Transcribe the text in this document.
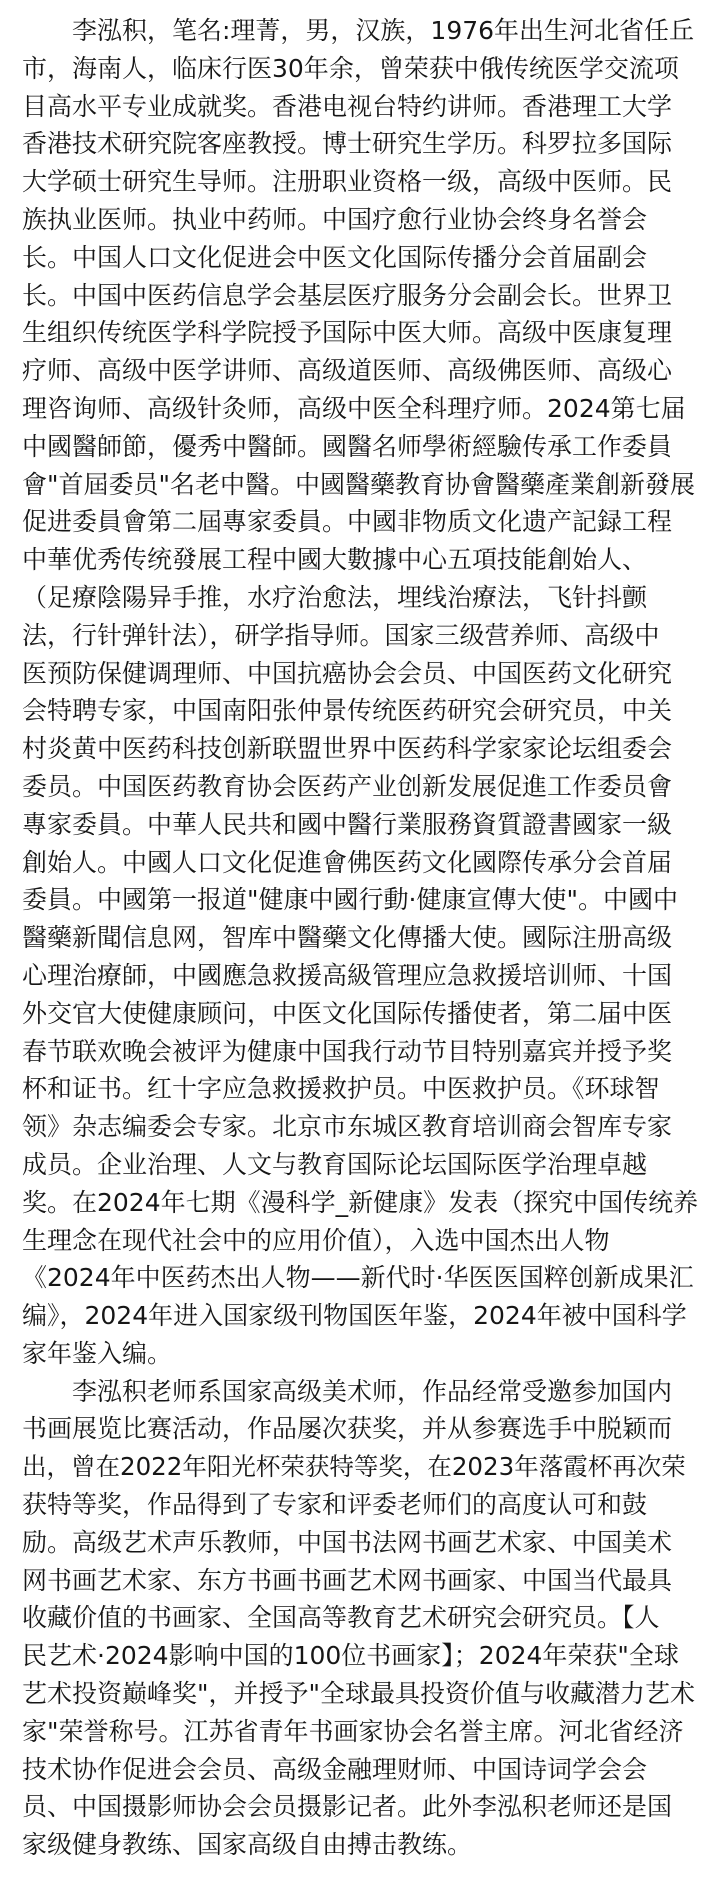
　　李泓积，笔名:理菁，男，汉族，1976年出生河北省任丘
市，海南人，临床行医30年余，曾荣获中俄传统医学交流项
目高水平专业成就奖。香港电视台特约讲师。香港理工大学
香港技术研究院客座教授。博士研究生学历。科罗拉多国际
大学硕士研究生导师。注册职业资格一级，高级中医师。民
族执业医师。执业中药师。中国疗愈行业协会终身名誉会
长。中国人口文化促进会中医文化国际传播分会首届副会
长。中国中医药信息学会基层医疗服务分会副会长。世界卫
生组织传统医学科学院授予国际中医大师。高级中医康复理
疗师、高级中医学讲师、高级道医师、高级佛医师、高级心
理咨询师、高级针灸师，高级中医全科理疗师。2024第七届
中國醫師節，優秀中醫師。國醫名师學術經驗传承工作委員
會"首屆委员"名老中醫。中國醫藥教育协會醫藥產業創新發展
促进委員會第二屆專家委員。中國非物质文化遗产記録工程
中華优秀传统發展工程中國大數據中心五項技能創始人、
（足療陰陽异手推，水疗治愈法，埋线治療法，飞针抖颤
法，行针弹针法），研学指导师。国家三级营养师、高级中
医预防保健调理师、中国抗癌协会会员、中国医药文化研究
会特聘专家，中国南阳张仲景传统医药研究会研究员，中关
村炎黄中医药科技创新联盟世界中医药科学家家论坛组委会
委员。中国医药教育协会医药产业创新发展促進工作委员會
專家委員。中華人民共和國中醫行業服務資質證書國家一級
創始人。中國人口文化促進會佛医药文化國際传承分会首届
委員。中國第一报道"健康中國行動·健康宣傳大使"。中國中
醫藥新聞信息网，智库中醫藥文化傳播大使。國际注册高级
心理治療師，中國應急救援高級管理应急救援培训师、十国
外交官大使健康顾问，中医文化国际传播使者，第二届中医
春节联欢晚会被评为健康中国我行动节目特别嘉宾并授予奖
杯和证书。红十字应急救援救护员。中医救护员。《环球智
领》杂志编委会专家。北京市东城区教育培训商会智库专家
成员。企业治理、人文与教育国际论坛国际医学治理卓越
奖。在2024年七期《漫科学_新健康》发表（探究中国传统养
生理念在现代社会中的应用价值），入选中国杰出人物
《2024年中医药杰出人物——新代时·华医医国粹创新成果汇
编》，2024年进入国家级刊物国医年鉴，2024年被中国科学
家年鉴入编。
　　李泓积老师系国家高级美术师，作品经常受邀参加国内
书画展览比赛活动，作品屡次获奖，并从参赛选手中脱颖而
出，曾在2022年阳光杯荣获特等奖，在2023年落霞杯再次荣
获特等奖，作品得到了专家和评委老师们的高度认可和鼓
励。高级艺术声乐教师，中国书法网书画艺术家、中国美术
网书画艺术家、东方书画书画艺术网书画家、中国当代最具
收藏价值的书画家、全国高等教育艺术研究会研究员。【人
民艺术·2024影响中国的100位书画家】；2024年荣获"全球
艺术投资巅峰奖"，并授予"全球最具投资价值与收藏潜力艺术
家"荣誉称号。江苏省青年书画家协会名誉主席。河北省经济
技术协作促进会会员、高级金融理财师、中国诗词学会会
员、中国摄影师协会会员摄影记者。此外李泓积老师还是国
家级健身教练、国家高级自由搏击教练。
